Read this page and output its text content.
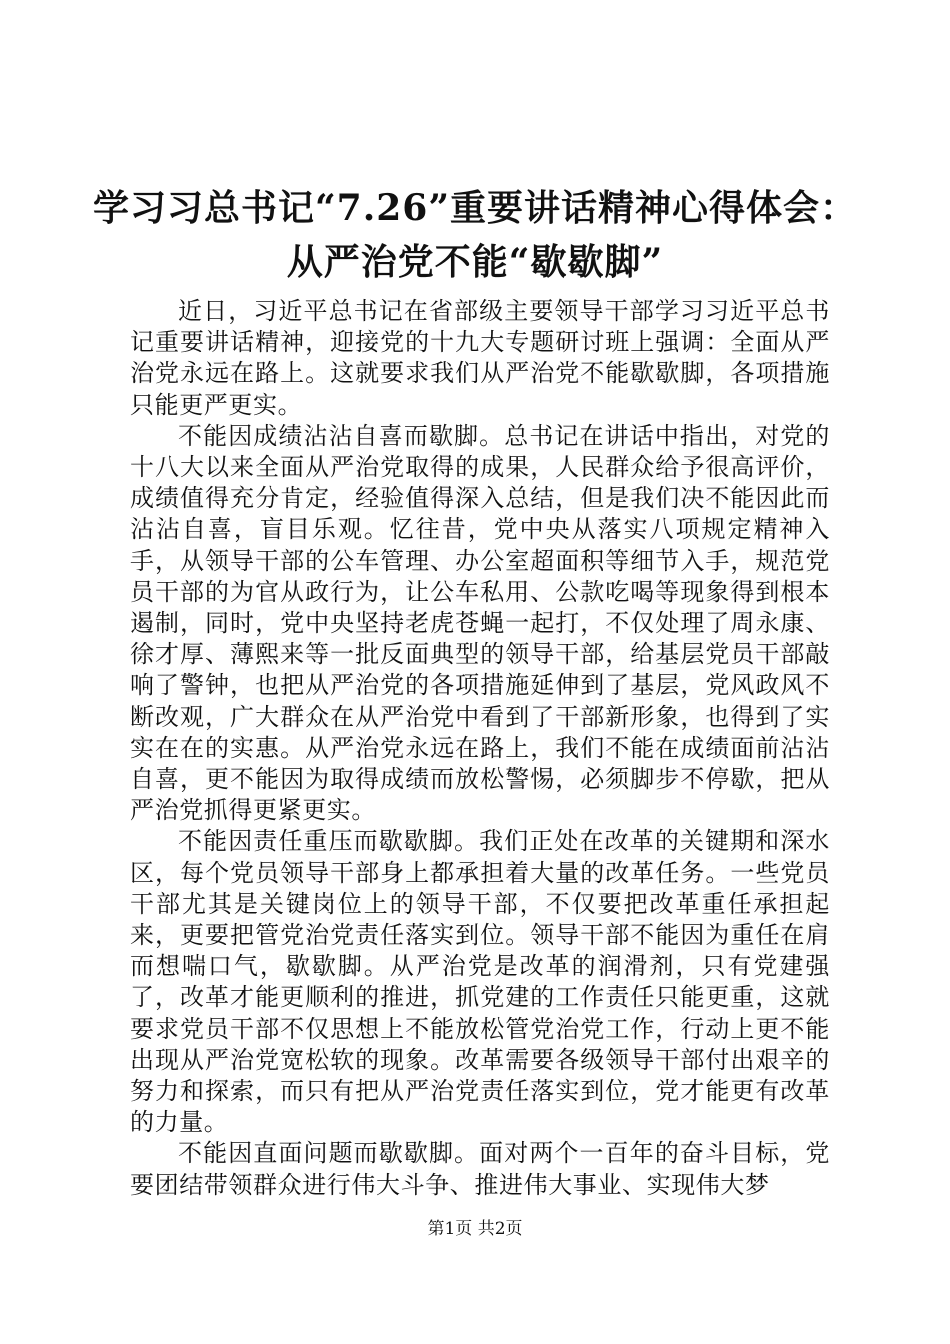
学习习总书记“7.26”重要讲话精神心得体会：
从严治党不能“歇歇脚”

近日，习近平总书记在省部级主要领导干部学习习近平总书记重要讲话精神，迎接党的十九大专题研讨班上强调：全面从严治党永远在路上。这就要求我们从严治党不能歇歇脚，各项措施只能更严更实。

不能因成绩沾沾自喜而歇脚。总书记在讲话中指出，对党的十八大以来全面从严治党取得的成果，人民群众给予很高评价，成绩值得充分肯定，经验值得深入总结，但是我们决不能因此而沾沾自喜，盲目乐观。忆往昔，党中央从落实八项规定精神入手，从领导干部的公车管理、办公室超面积等细节入手，规范党员干部的为官从政行为，让公车私用、公款吃喝等现象得到根本遏制，同时，党中央坚持老虎苍蝇一起打，不仅处理了周永康、徐才厚、薄熙来等一批反面典型的领导干部，给基层党员干部敲响了警钟，也把从严治党的各项措施延伸到了基层，党风政风不断改观，广大群众在从严治党中看到了干部新形象，也得到了实实在在的实惠。从严治党永远在路上，我们不能在成绩面前沾沾自喜，更不能因为取得成绩而放松警惕，必须脚步不停歇，把从严治党抓得更紧更实。

不能因责任重压而歇歇脚。我们正处在改革的关键期和深水区，每个党员领导干部身上都承担着大量的改革任务。一些党员干部尤其是关键岗位上的领导干部，不仅要把改革重任承担起来，更要把管党治党责任落实到位。领导干部不能因为重任在肩而想喘口气，歇歇脚。从严治党是改革的润滑剂，只有党建强了，改革才能更顺利的推进，抓党建的工作责任只能更重，这就要求党员干部不仅思想上不能放松管党治党工作，行动上更不能出现从严治党宽松软的现象。改革需要各级领导干部付出艰辛的努力和探索，而只有把从严治党责任落实到位，党才能更有改革的力量。

不能因直面问题而歇歇脚。面对两个一百年的奋斗目标，党要团结带领群众进行伟大斗争、推进伟大事业、实现伟大梦

第1页 共2页
